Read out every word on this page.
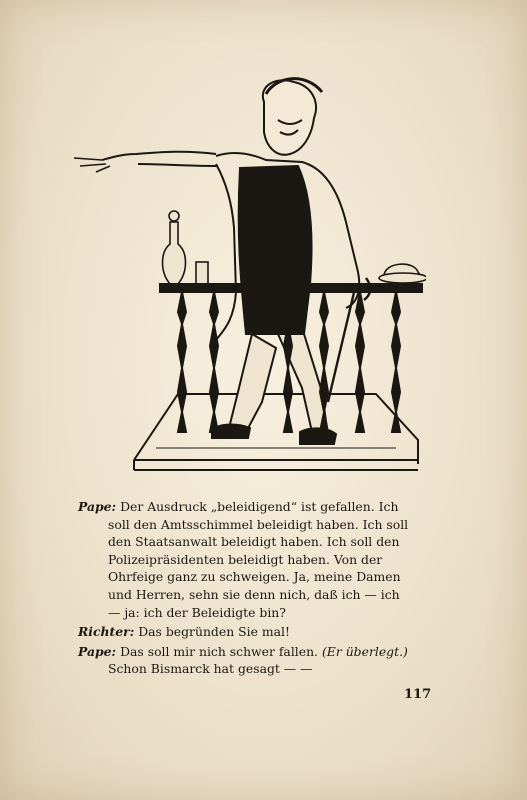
Pape: Der Ausdruck „beleidigend“ ist gefallen. Ich
soll den Amtsschimmel beleidigt haben. Ich soll
den Staatsanwalt beleidigt haben. Ich soll den
Polizeipräsidenten beleidigt haben. Von der
Ohrfeige ganz zu schweigen. Ja, meine Damen
und Herren, sehn sie denn nich, daß ich — ich
— ja: ich der Beleidigte bin?
Richter: Das begründen Sie mal!
Pape: Das soll mir nich schwer fallen. (Er überlegt.)
Schon Bismarck hat gesagt — —
117
